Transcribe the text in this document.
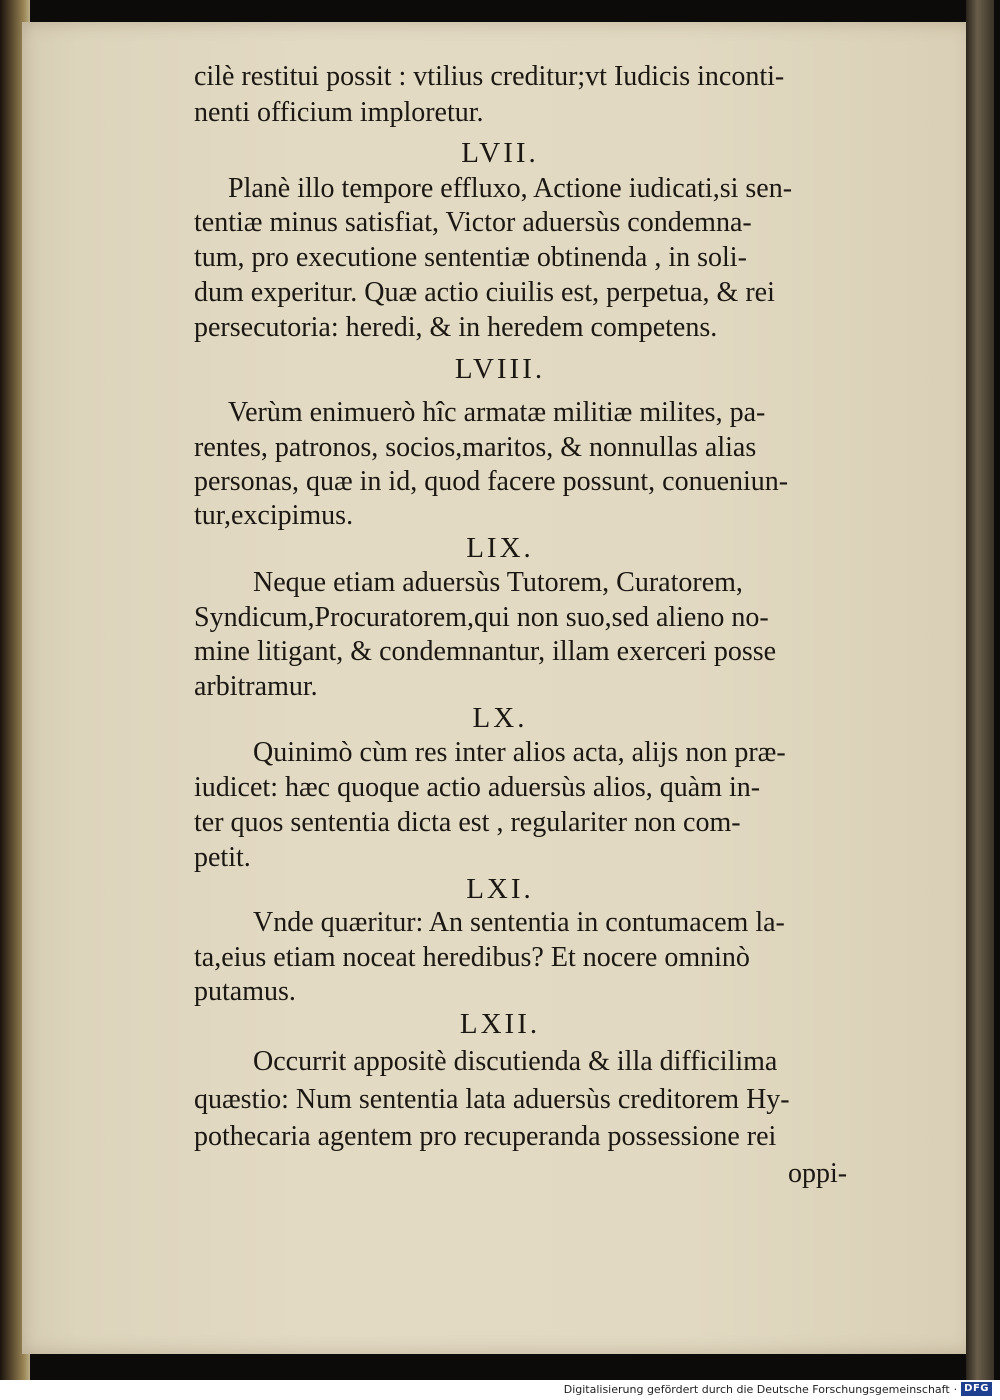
cilè restitui possit : vtilius creditur;vt Iudicis inconti-

nenti officium imploretur.

LVII.

Planè illo tempore effluxo, Actione iudicati,si sen-

tentiæ minus satisfiat, Victor aduersùs condemna-

tum, pro executione sententiæ obtinenda , in soli-

dum experitur. Quæ actio ciuilis est, perpetua, & rei

persecutoria: heredi, & in heredem competens.

LVIII.

Verùm enimuerò hîc armatæ militiæ milites, pa-

rentes, patronos, socios,maritos, & nonnullas alias

personas, quæ in id, quod facere possunt, conueniun-

tur,excipimus.

LIX.

Neque etiam aduersùs Tutorem, Curatorem,

Syndicum,Procuratorem,qui non suo,sed alieno no-

mine litigant, & condemnantur, illam exerceri posse

arbitramur.

LX.

Quinimò cùm res inter alios acta, alijs non præ-

iudicet: hæc quoque actio aduersùs alios, quàm in-

ter quos sententia dicta est , regulariter non com-

petit.

LXI.

Vnde quæritur: An sententia in contumacem la-

ta,eius etiam noceat heredibus? Et nocere omninò

putamus.

LXII.

Occurrit appositè discutienda & illa difficilima

quæstio: Num sententia lata aduersùs creditorem Hy-

pothecaria agentem pro recuperanda possessione rei

oppi-

Digitalisierung gefördert durch die Deutsche Forschungsgemeinschaft · DFG
